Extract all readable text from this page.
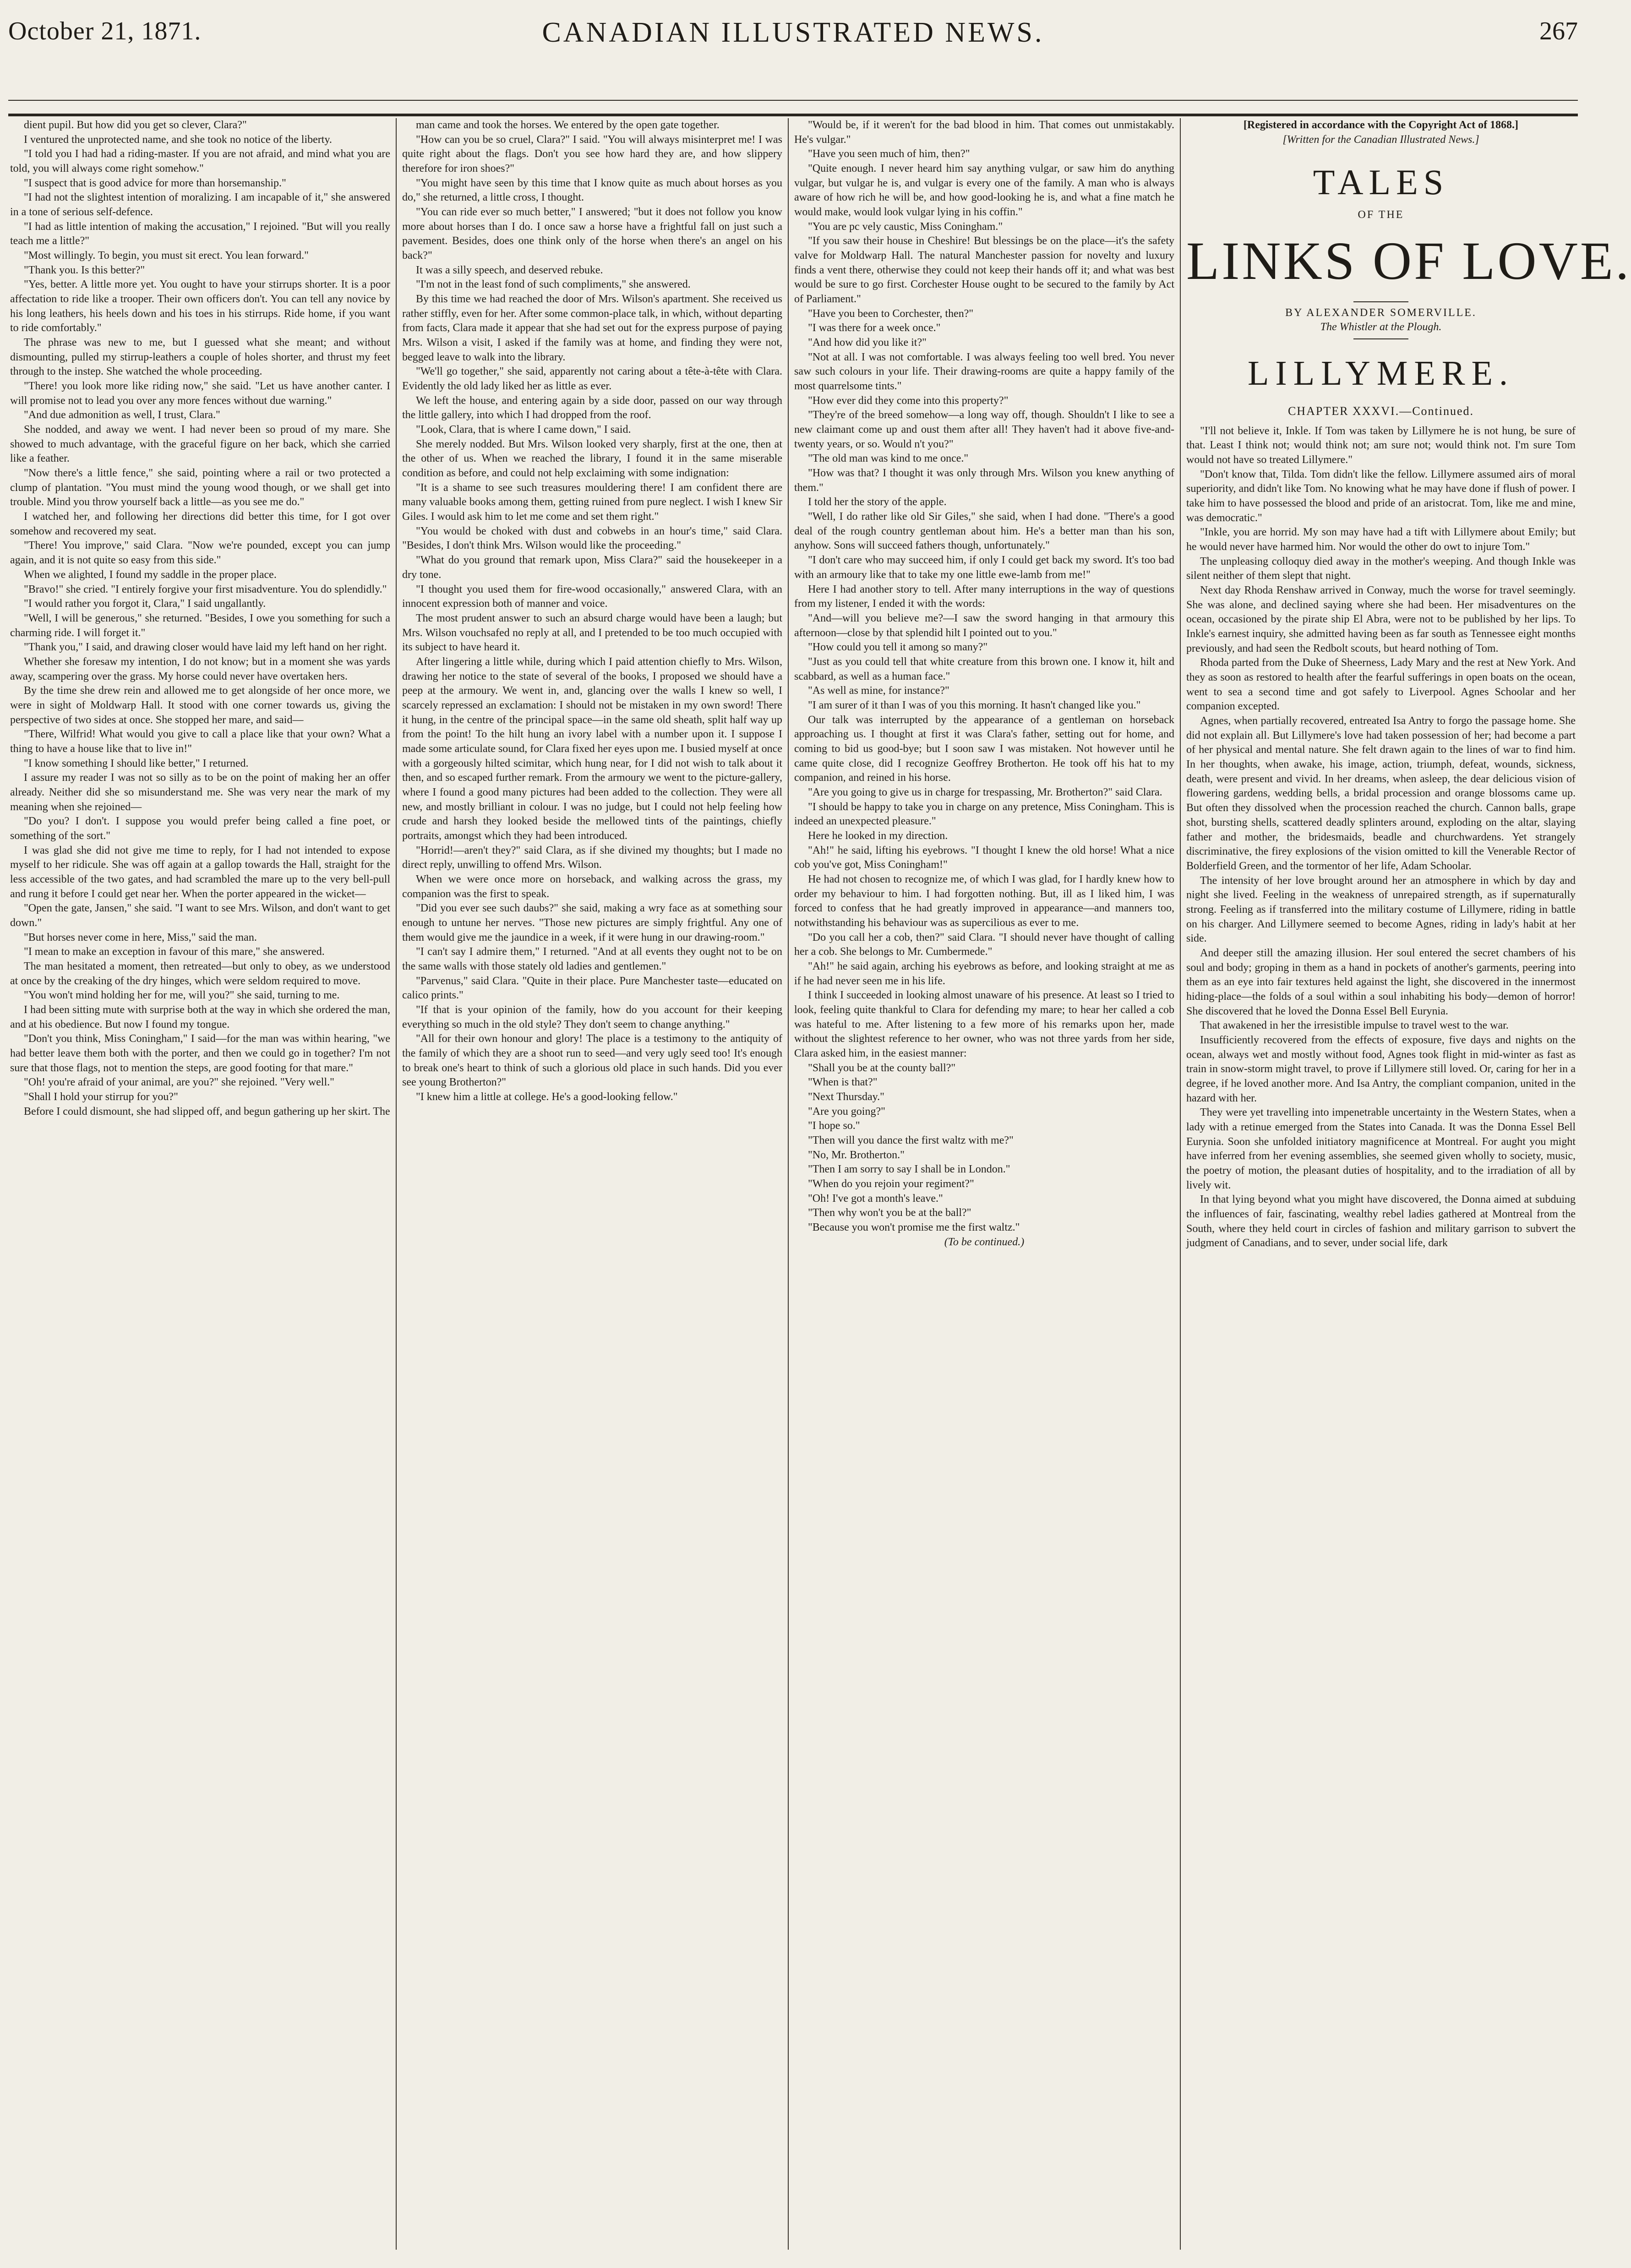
October 21, 1871.	CANADIAN ILLUSTRATED NEWS.	267

dient pupil. But how did you get so clever, Clara?"

I ventured the unprotected name, and she took no notice of the liberty.

"I told you I had had a riding-master. If you are not afraid, and mind what you are told, you will always come right somehow."

"I suspect that is good advice for more than horsemanship."

"I had not the slightest intention of moralizing. I am incapable of it," she answered in a tone of serious self-defence.

"I had as little intention of making the accusation," I rejoined. "But will you really teach me a little?"

"Most willingly. To begin, you must sit erect. You lean forward."

"Thank you. Is this better?"

"Yes, better. A little more yet. You ought to have your stirrups shorter. It is a poor affectation to ride like a trooper. Their own officers don't. You can tell any novice by his long leathers, his heels down and his toes in his stirrups. Ride home, if you want to ride comfortably."

The phrase was new to me, but I guessed what she meant; and without dismounting, pulled my stirrup-leathers a couple of holes shorter, and thrust my feet through to the instep. She watched the whole proceeding.

"There! you look more like riding now," she said. "Let us have another canter. I will promise not to lead you over any more fences without due warning."

"And due admonition as well, I trust, Clara."

She nodded, and away we went. I had never been so proud of my mare. She showed to much advantage, with the graceful figure on her back, which she carried like a feather.

"Now there's a little fence," she said, pointing where a rail or two protected a clump of plantation. "You must mind the young wood though, or we shall get into trouble. Mind you throw yourself back a little—as you see me do."

I watched her, and following her directions did better this time, for I got over somehow and recovered my seat.

"There! You improve," said Clara. "Now we're pounded, except you can jump again, and it is not quite so easy from this side."

When we alighted, I found my saddle in the proper place.

"Bravo!" she cried. "I entirely forgive your first misadventure. You do splendidly."

"I would rather you forgot it, Clara," I said ungallantly.

"Well, I will be generous," she returned. "Besides, I owe you something for such a charming ride. I will forget it."

"Thank you," I said, and drawing closer would have laid my left hand on her right.

Whether she foresaw my intention, I do not know; but in a moment she was yards away, scampering over the grass. My horse could never have overtaken hers.

By the time she drew rein and allowed me to get alongside of her once more, we were in sight of Moldwarp Hall. It stood with one corner towards us, giving the perspective of two sides at once. She stopped her mare, and said—

"There, Wilfrid! What would you give to call a place like that your own? What a thing to have a house like that to live in!"

"I know something I should like better," I returned.

I assure my reader I was not so silly as to be on the point of making her an offer already. Neither did she so misunderstand me. She was very near the mark of my meaning when she rejoined—

"Do you? I don't. I suppose you would prefer being called a fine poet, or something of the sort."

I was glad she did not give me time to reply, for I had not intended to expose myself to her ridicule. She was off again at a gallop towards the Hall, straight for the less accessible of the two gates, and had scrambled the mare up to the very bell-pull and rung it before I could get near her. When the porter appeared in the wicket—

"Open the gate, Jansen," she said. "I want to see Mrs. Wilson, and don't want to get down."

"But horses never come in here, Miss," said the man.

"I mean to make an exception in favour of this mare," she answered.

The man hesitated a moment, then retreated—but only to obey, as we understood at once by the creaking of the dry hinges, which were seldom required to move.

"You won't mind holding her for me, will you?" she said, turning to me.

I had been sitting mute with surprise both at the way in which she ordered the man, and at his obedience. But now I found my tongue.

"Don't you think, Miss Coningham," I said—for the man was within hearing, "we had better leave them both with the porter, and then we could go in together? I'm not sure that those flags, not to mention the steps, are good footing for that mare."

"Oh! you're afraid of your animal, are you?" she rejoined. "Very well."

"Shall I hold your stirrup for you?"

Before I could dismount, she had slipped off, and begun gathering up her skirt. The

man came and took the horses. We entered by the open gate together.

"How can you be so cruel, Clara?" I said. "You will always misinterpret me! I was quite right about the flags. Don't you see how hard they are, and how slippery therefore for iron shoes?"

"You might have seen by this time that I know quite as much about horses as you do," she returned, a little cross, I thought.

"You can ride ever so much better," I answered; "but it does not follow you know more about horses than I do. I once saw a horse have a frightful fall on just such a pavement. Besides, does one think only of the horse when there's an angel on his back?"

It was a silly speech, and deserved rebuke.

"I'm not in the least fond of such compliments," she answered.

By this time we had reached the door of Mrs. Wilson's apartment. She received us rather stiffly, even for her. After some common-place talk, in which, without departing from facts, Clara made it appear that she had set out for the express purpose of paying Mrs. Wilson a visit, I asked if the family was at home, and finding they were not, begged leave to walk into the library.

"We'll go together," she said, apparently not caring about a tête-à-tête with Clara. Evidently the old lady liked her as little as ever.

We left the house, and entering again by a side door, passed on our way through the little gallery, into which I had dropped from the roof.

"Look, Clara, that is where I came down," I said.

She merely nodded. But Mrs. Wilson looked very sharply, first at the one, then at the other of us. When we reached the library, I found it in the same miserable condition as before, and could not help exclaiming with some indignation:

"It is a shame to see such treasures mouldering there! I am confident there are many valuable books among them, getting ruined from pure neglect. I wish I knew Sir Giles. I would ask him to let me come and set them right."

"You would be choked with dust and cobwebs in an hour's time," said Clara. "Besides, I don't think Mrs. Wilson would like the proceeding."

"What do you ground that remark upon, Miss Clara?" said the housekeeper in a dry tone.

"I thought you used them for fire-wood occasionally," answered Clara, with an innocent expression both of manner and voice.

The most prudent answer to such an absurd charge would have been a laugh; but Mrs. Wilson vouchsafed no reply at all, and I pretended to be too much occupied with its subject to have heard it.

After lingering a little while, during which I paid attention chiefly to Mrs. Wilson, drawing her notice to the state of several of the books, I proposed we should have a peep at the armoury. We went in, and, glancing over the walls I knew so well, I scarcely repressed an exclamation: I should not be mistaken in my own sword! There it hung, in the centre of the principal space—in the same old sheath, split half way up from the point! To the hilt hung an ivory label with a number upon it. I suppose I made some articulate sound, for Clara fixed her eyes upon me. I busied myself at once with a gorgeously hilted scimitar, which hung near, for I did not wish to talk about it then, and so escaped further remark. From the armoury we went to the picture-gallery, where I found a good many pictures had been added to the collection. They were all new, and mostly brilliant in colour. I was no judge, but I could not help feeling how crude and harsh they looked beside the mellowed tints of the paintings, chiefly portraits, amongst which they had been introduced.

"Horrid!—aren't they?" said Clara, as if she divined my thoughts; but I made no direct reply, unwilling to offend Mrs. Wilson.

When we were once more on horseback, and walking across the grass, my companion was the first to speak.

"Did you ever see such daubs?" she said, making a wry face as at something sour enough to untune her nerves. "Those new pictures are simply frightful. Any one of them would give me the jaundice in a week, if it were hung in our drawing-room."

"I can't say I admire them," I returned. "And at all events they ought not to be on the same walls with those stately old ladies and gentlemen."

"Parvenus," said Clara. "Quite in their place. Pure Manchester taste—educated on calico prints."

"If that is your opinion of the family, how do you account for their keeping everything so much in the old style? They don't seem to change anything."

"All for their own honour and glory! The place is a testimony to the antiquity of the family of which they are a shoot run to seed—and very ugly seed too! It's enough to break one's heart to think of such a glorious old place in such hands. Did you ever see young Brotherton?"

"I knew him a little at college. He's a good-looking fellow."

"Would be, if it weren't for the bad blood in him. That comes out unmistakably. He's vulgar."

"Have you seen much of him, then?"

"Quite enough. I never heard him say anything vulgar, or saw him do anything vulgar, but vulgar he is, and vulgar is every one of the family. A man who is always aware of how rich he will be, and how good-looking he is, and what a fine match he would make, would look vulgar lying in his coffin."

"You are pc vely caustic, Miss Coningham."

"If you saw their house in Cheshire! But blessings be on the place—it's the safety valve for Moldwarp Hall. The natural Manchester passion for novelty and luxury finds a vent there, otherwise they could not keep their hands off it; and what was best would be sure to go first. Corchester House ought to be secured to the family by Act of Parliament."

"Have you been to Corchester, then?"

"I was there for a week once."

"And how did you like it?"

"Not at all. I was not comfortable. I was always feeling too well bred. You never saw such colours in your life. Their drawing-rooms are quite a happy family of the most quarrelsome tints."

"How ever did they come into this property?"

"They're of the breed somehow—a long way off, though. Shouldn't I like to see a new claimant come up and oust them after all! They haven't had it above five-and-twenty years, or so. Would n't you?"

"The old man was kind to me once."

"How was that? I thought it was only through Mrs. Wilson you knew anything of them."

I told her the story of the apple.

"Well, I do rather like old Sir Giles," she said, when I had done. "There's a good deal of the rough country gentleman about him. He's a better man than his son, anyhow. Sons will succeed fathers though, unfortunately."

"I don't care who may succeed him, if only I could get back my sword. It's too bad with an armoury like that to take my one little ewe-lamb from me!"

Here I had another story to tell. After many interruptions in the way of questions from my listener, I ended it with the words:

"And—will you believe me?—I saw the sword hanging in that armoury this afternoon—close by that splendid hilt I pointed out to you."

"How could you tell it among so many?"

"Just as you could tell that white creature from this brown one. I know it, hilt and scabbard, as well as a human face."

"As well as mine, for instance?"

"I am surer of it than I was of you this morning. It hasn't changed like you."

Our talk was interrupted by the appearance of a gentleman on horseback approaching us. I thought at first it was Clara's father, setting out for home, and coming to bid us good-bye; but I soon saw I was mistaken. Not however until he came quite close, did I recognize Geoffrey Brotherton. He took off his hat to my companion, and reined in his horse.

"Are you going to give us in charge for trespassing, Mr. Brotherton?" said Clara.

"I should be happy to take you in charge on any pretence, Miss Coningham. This is indeed an unexpected pleasure."

Here he looked in my direction.

"Ah!" he said, lifting his eyebrows. "I thought I knew the old horse! What a nice cob you've got, Miss Coningham!"

He had not chosen to recognize me, of which I was glad, for I hardly knew how to order my behaviour to him. I had forgotten nothing. But, ill as I liked him, I was forced to confess that he had greatly improved in appearance—and manners too, notwithstanding his behaviour was as supercilious as ever to me.

"Do you call her a cob, then?" said Clara. "I should never have thought of calling her a cob. She belongs to Mr. Cumbermede."

"Ah!" he said again, arching his eyebrows as before, and looking straight at me as if he had never seen me in his life.

I think I succeeded in looking almost unaware of his presence. At least so I tried to look, feeling quite thankful to Clara for defending my mare; to hear her called a cob was hateful to me. After listening to a few more of his remarks upon her, made without the slightest reference to her owner, who was not three yards from her side, Clara asked him, in the easiest manner:

"Shall you be at the county ball?"

"When is that?"

"Next Thursday."

"Are you going?"

"I hope so."

"Then will you dance the first waltz with me?"

"No, Mr. Brotherton."

"Then I am sorry to say I shall be in London."

"When do you rejoin your regiment?"

"Oh! I've got a month's leave."

"Then why won't you be at the ball?"

"Because you won't promise me the first waltz."

(To be continued.)

[Registered in accordance with the Copyright Act of 1868.]

[Written for the Canadian Illustrated News.]

TALES
OF THE
LINKS OF LOVE.
BY ALEXANDER SOMERVILLE.
The Whistler at the Plough.
LILLYMERE.
CHAPTER XXXVI.—Continued.

"I'll not believe it, Inkle. If Tom was taken by Lillymere he is not hung, be sure of that. Least I think not; would think not; am sure not; would think not. I'm sure Tom would not have so treated Lillymere."

"Don't know that, Tilda. Tom didn't like the fellow. Lillymere assumed airs of moral superiority, and didn't like Tom. No knowing what he may have done if flush of power. I take him to have possessed the blood and pride of an aristocrat. Tom, like me and mine, was democratic."

"Inkle, you are horrid. My son may have had a tift with Lillymere about Emily; but he would never have harmed him. Nor would the other do owt to injure Tom."

The unpleasing colloquy died away in the mother's weeping. And though Inkle was silent neither of them slept that night.

Next day Rhoda Renshaw arrived in Conway, much the worse for travel seemingly. She was alone, and declined saying where she had been. Her misadventures on the ocean, occasioned by the pirate ship El Abra, were not to be published by her lips. To Inkle's earnest inquiry, she admitted having been as far south as Tennessee eight months previously, and had seen the Redbolt scouts, but heard nothing of Tom.

Rhoda parted from the Duke of Sheerness, Lady Mary and the rest at New York. And they as soon as restored to health after the fearful sufferings in open boats on the ocean, went to sea a second time and got safely to Liverpool. Agnes Schoolar and her companion excepted.

Agnes, when partially recovered, entreated Isa Antry to forgo the passage home. She did not explain all. But Lillymere's love had taken possession of her; had become a part of her physical and mental nature. She felt drawn again to the lines of war to find him. In her thoughts, when awake, his image, action, triumph, defeat, wounds, sickness, death, were present and vivid. In her dreams, when asleep, the dear delicious vision of flowering gardens, wedding bells, a bridal procession and orange blossoms came up. But often they dissolved when the procession reached the church. Cannon balls, grape shot, bursting shells, scattered deadly splinters around, exploding on the altar, slaying father and mother, the bridesmaids, beadle and churchwardens. Yet strangely discriminative, the firey explosions of the vision omitted to kill the Venerable Rector of Bolderfield Green, and the tormentor of her life, Adam Schoolar.

The intensity of her love brought around her an atmosphere in which by day and night she lived. Feeling in the weakness of unrepaired strength, as if supernaturally strong. Feeling as if transferred into the military costume of Lillymere, riding in battle on his charger. And Lillymere seemed to become Agnes, riding in lady's habit at her side.

And deeper still the amazing illusion. Her soul entered the secret chambers of his soul and body; groping in them as a hand in pockets of another's garments, peering into them as an eye into fair textures held against the light, she discovered in the innermost hiding-place—the folds of a soul within a soul inhabiting his body—demon of horror! She discovered that he loved the Donna Essel Bell Eurynia.

That awakened in her the irresistible impulse to travel west to the war.

Insufficiently recovered from the effects of exposure, five days and nights on the ocean, always wet and mostly without food, Agnes took flight in mid-winter as fast as train in snow-storm might travel, to prove if Lillymere still loved. Or, caring for her in a degree, if he loved another more. And Isa Antry, the compliant companion, united in the hazard with her.

They were yet travelling into impenetrable uncertainty in the Western States, when a lady with a retinue emerged from the States into Canada. It was the Donna Essel Bell Eurynia. Soon she unfolded initiatory magnificence at Montreal. For aught you might have inferred from her evening assemblies, she seemed given wholly to society, music, the poetry of motion, the pleasant duties of hospitality, and to the irradiation of all by lively wit.

In that lying beyond what you might have discovered, the Donna aimed at subduing the influences of fair, fascinating, wealthy rebel ladies gathered at Montreal from the South, where they held court in circles of fashion and military garrison to subvert the judgment of Canadians, and to sever, under social life, dark
